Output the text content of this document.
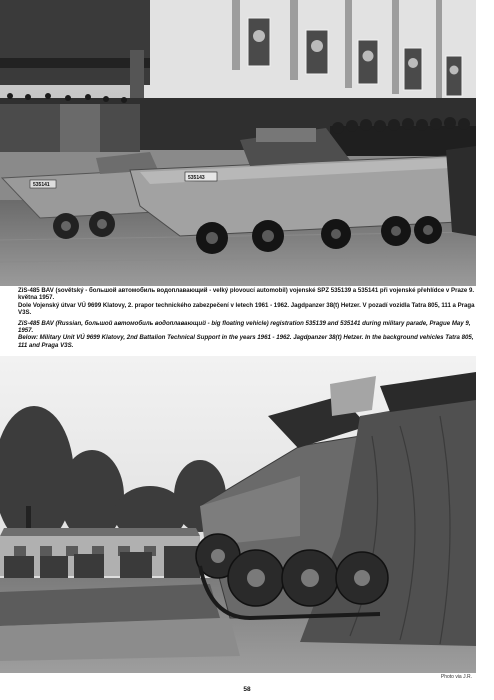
535141
535143

ZiS-485 BAV (sovětský - большой автомобиль водоплавающий - velký plovoucí automobil) vojenské SPZ 535139 a 535141 při vojenské přehlídce v Praze 9. května 1957.

Dole Vojenský útvar VÚ 9699 Klatovy, 2. prapor technického zabezpečení v letech 1961 - 1962. Jagdpanzer 38(t) Hetzer. V pozadí vozidla Tatra 805, 111 a Praga V3S.

ZiS-485 BAV (Russian, большой автомобиль водоплавающий - big floating vehicle) registration 535139 and 535141 during military parade, Prague May 9, 1957.

Below: Military Unit VÚ 9699 Klatovy, 2nd Battalion Technical Support in the years 1961 - 1962. Jagdpanzer 38(t) Hetzer. In the background vehicles Tatra 805, 111 and Praga V3S.

Photo via J.R.
58
